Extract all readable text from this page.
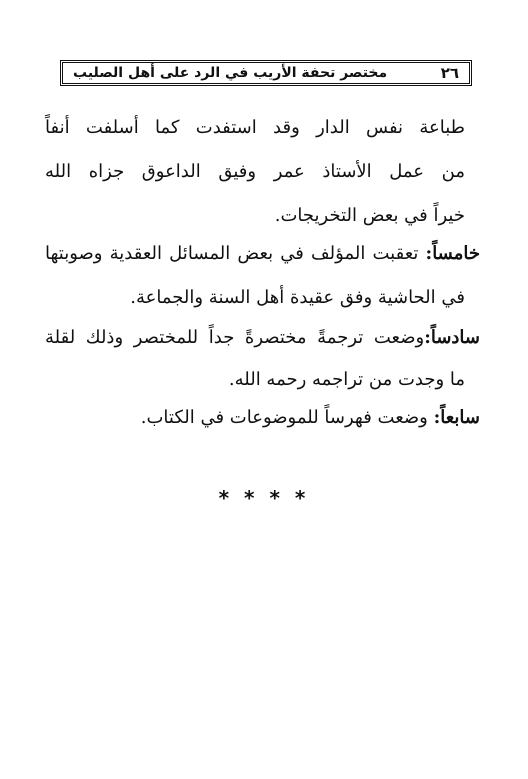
٢٦
مختصر تحفة الأريب في الرد على أهل الصليب
طباعة نفس الدار وقد استفدت كما أسلفت أنفاً
من عمل الأستاذ عمر وفيق الداعوق جزاه الله
خيراً في بعض التخريجات.
خامساً: تعقبت المؤلف في بعض المسائل العقدية وصوبتها
في الحاشية وفق عقيدة أهل السنة والجماعة.
سادساً:وضعت ترجمةً مختصرةً جداً للمختصر وذلك لقلة
ما وجدت من تراجمه رحمه الله.
سابعاً: وضعت فهرساً للموضوعات في الكتاب.
* * * *
